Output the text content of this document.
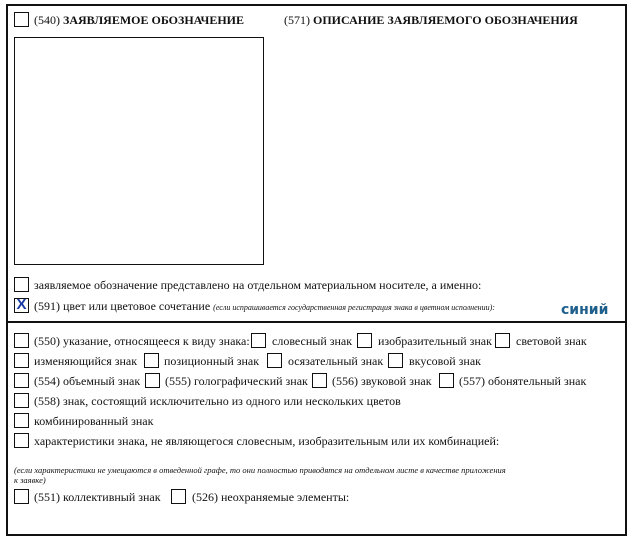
(540) ЗАЯВЛЯЕМОЕ ОБОЗНАЧЕНИЕ	(571) ОПИСАНИЕ ЗАЯВЛЯЕМОГО ОБОЗНАЧЕНИЯ
заявляемое обозначение представлено на отдельном материальном носителе, а именно:
Х (591) цвет или цветовое сочетание (если испрашивается государственная регистрация знака в цветном исполнении):	синий
(550) указание, относящееся к виду знака: словесный знак изобразительный знак световой знак
изменяющийся знак позиционный знак осязательный знак вкусовой знак
(554) объемный знак (555) голографический знак (556) звуковой знак (557) обонятельный знак
(558) знак, состоящий исключительно из одного или нескольких цветов
комбинированный знак
характеристики знака, не являющегося словесным, изобразительным или их комбинацией:
(если характеристики не умещаются в отведенной графе, то они полностью приводятся на отдельном листе в качестве приложения
к заявке)
(551) коллективный знак	(526) неохраняемые элементы:
